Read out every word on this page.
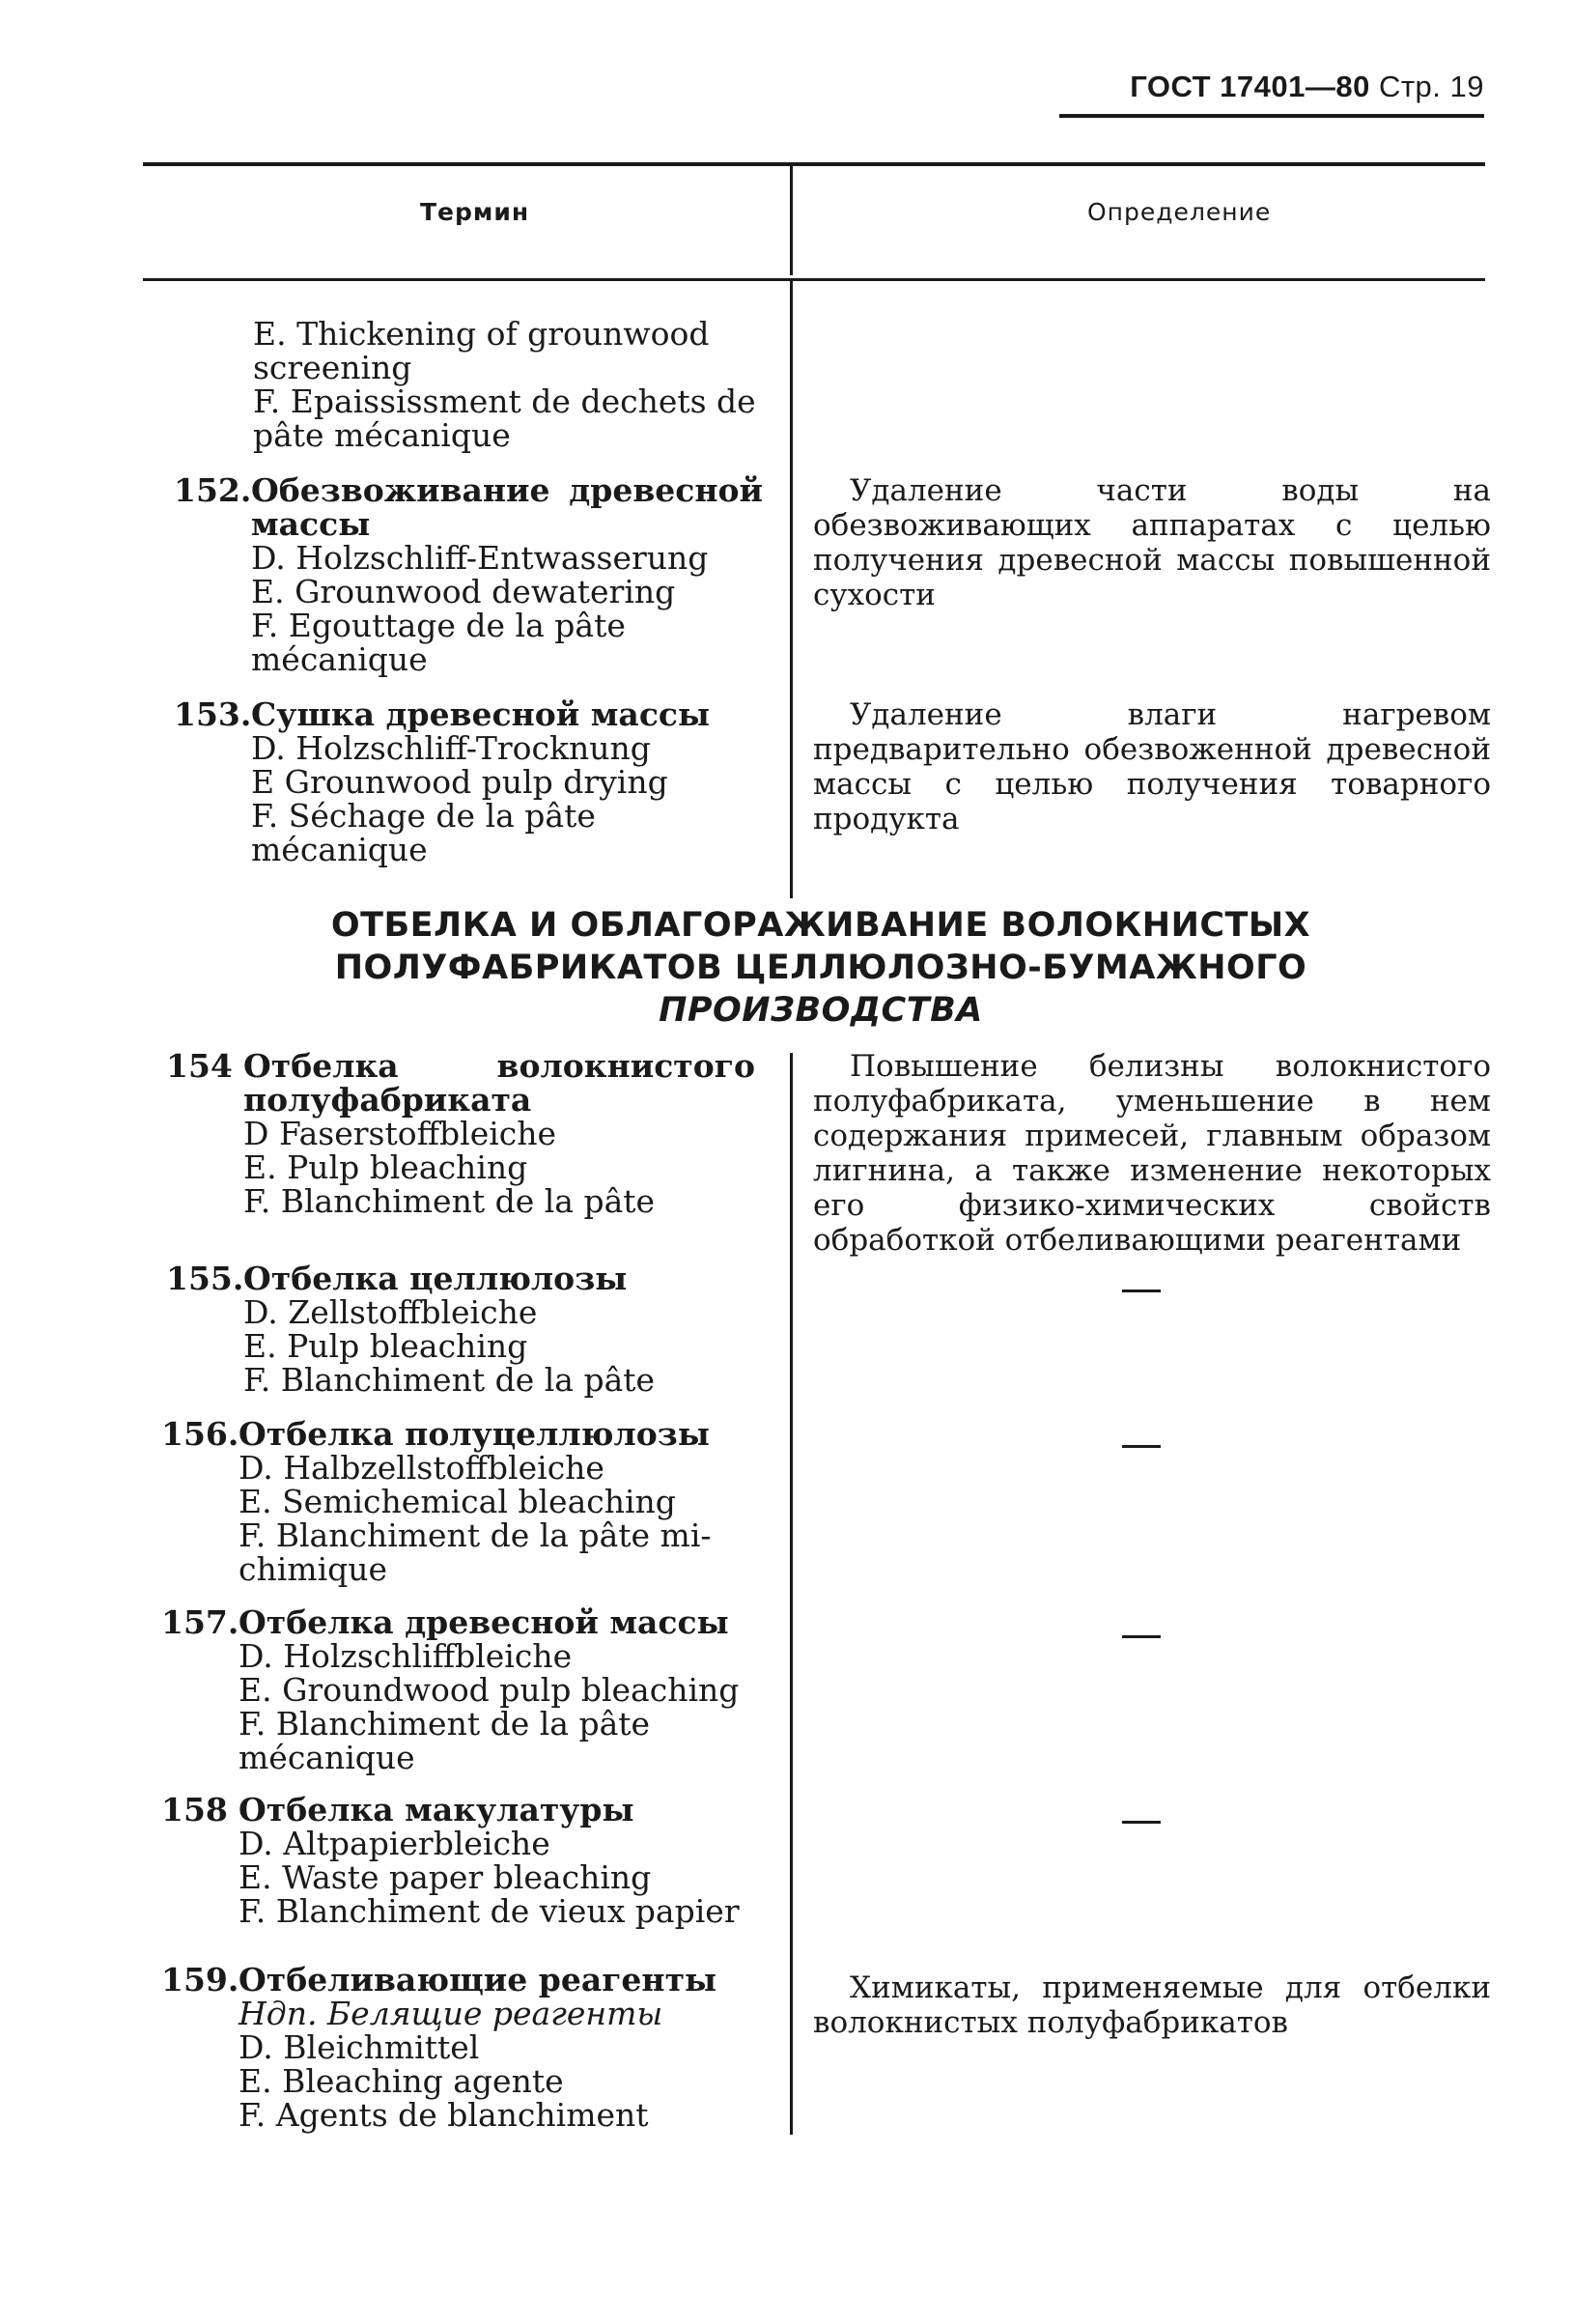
ГОСТ 17401—80 Стр. 19
Термин	Определение
E. Thickening of grounwood screening
F. Epaississment de dechets de pâte mécanique
152. Обезвоживание древесной массы
D. Holzschliff-Entwasserung
E. Grounwood dewatering
F. Egouttage de la pâte mécanique
Удаление части воды на обезвоживающих аппаратах с целью получения древесной массы повышенной сухости
153. Сушка древесной массы
D. Holzschliff-Trocknung
E Grounwood pulp drying
F. Séchage de la pâte mécanique
Удаление влаги нагревом предварительно обезвоженной древесной массы с целью получения товарного продукта
ОТБЕЛКА И ОБЛАГОРАЖИВАНИЕ ВОЛОКНИСТЫХ
ПОЛУФАБРИКАТОВ ЦЕЛЛЮЛОЗНО-БУМАЖНОГО
ПРОИЗВОДСТВА
154 Отбелка волокнистого полуфабриката
D Faserstoffbleiche
E. Pulp bleaching
F. Blanchiment de la pâte
Повышение белизны волокнистого полуфабриката, уменьшение в нем содержания примесей, главным образом лигнина, а также изменение некоторых его физико-химических свойств обработкой отбеливающими реагентами
155. Отбелка целлюлозы
D. Zellstoffbleiche
E. Pulp bleaching
F. Blanchiment de la pâte
156. Отбелка полуцеллюлозы
D. Halbzellstoffbleiche
E. Semichemical bleaching
F. Blanchiment de la pâte mi-chimique
157. Отбелка древесной массы
D. Holzschliffbleiche
E. Groundwood pulp bleaching
F. Blanchiment de la pâte mécanique
158 Отбелка макулатуры
D. Altpapierbleiche
E. Waste paper bleaching
F. Blanchiment de vieux papier
159. Отбеливающие реагенты
Ндп. Белящие реагенты
D. Bleichmittel
E. Bleaching agente
F. Agents de blanchiment
Химикаты, применяемые для отбелки волокнистых полуфабрикатов
